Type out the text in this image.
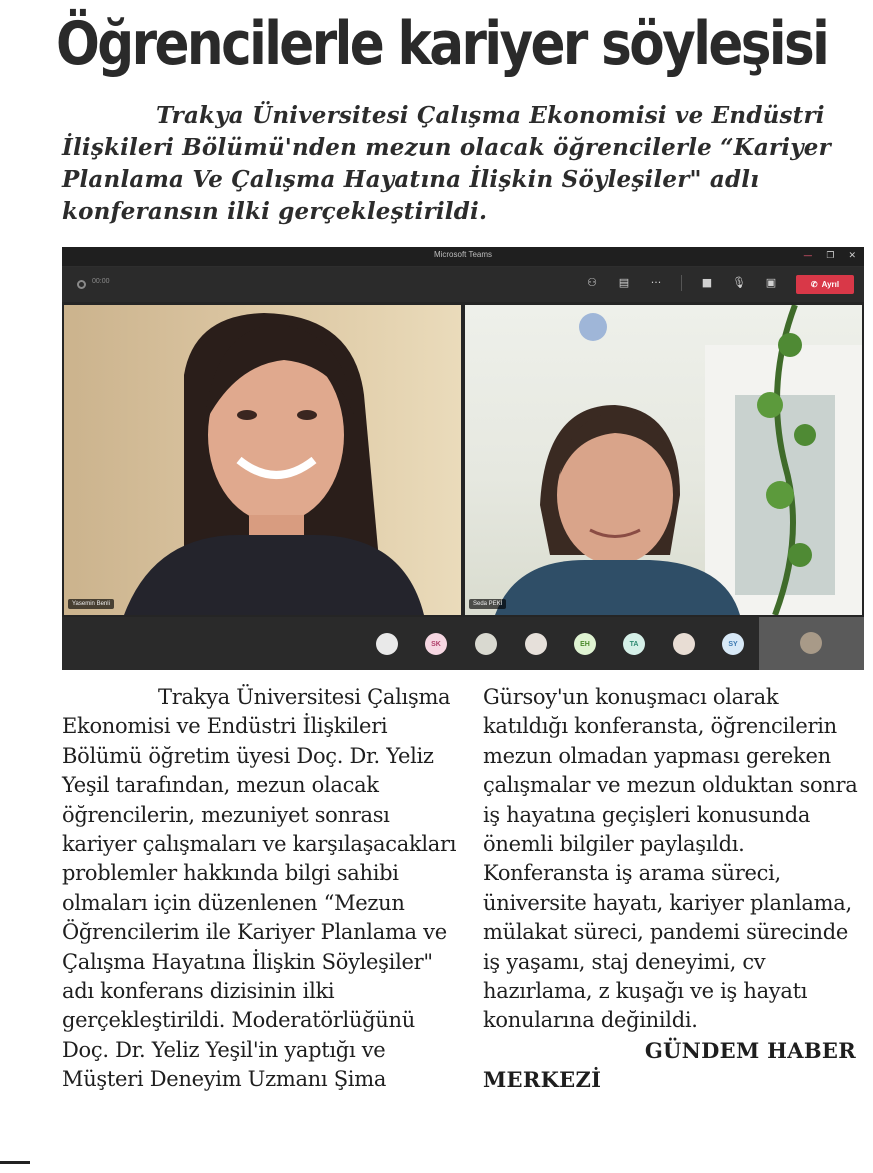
Öğrencilerle kariyer söyleşisi

Trakya Üniversitesi Çalışma Ekonomisi ve Endüstri İlişkileri Bölümü'nden mezun olacak öğrencilerle “Kariyer Planlama Ve Çalışma Hayatına İlişkin Söyleşiler" adlı konferansın ilki gerçekleştirildi.

Microsoft Teams	— ❐ ✕
00:00	⚇ ▤ ···	■ 🎙︎ ▣	✆ Ayrıl
Yasemin Benli	Seda PEKİ
SK	EH	TA	SY

Trakya Üniversitesi Çalışma Ekonomisi ve Endüstri İlişkileri Bölümü öğretim üyesi Doç. Dr. Yeliz Yeşil tarafından, mezun olacak öğrencilerin, mezuniyet sonrası kariyer çalışmaları ve karşılaşacakları problemler hakkında bilgi sahibi olmaları için düzenlenen “Mezun Öğrencilerim ile Kariyer Planlama ve Çalışma Hayatına İlişkin Söyleşiler" adı konferans dizisinin ilki gerçekleştirildi. Moderatörlüğünü Doç. Dr. Yeliz Yeşil'in yaptığı ve Müşteri Deneyim Uzmanı Şima

Gürsoy'un konuşmacı olarak katıldığı konferansta, öğrencilerin mezun olmadan yapması gereken çalışmalar ve mezun olduktan sonra iş hayatına geçişleri konusunda önemli bilgiler paylaşıldı. Konferansta iş arama süreci, üniversite hayatı, kariyer planlama, mülakat süreci, pandemi sürecinde iş yaşamı, staj deneyimi, cv hazırlama, z kuşağı ve iş hayatı konularına değinildi.
GÜNDEM HABER
MERKEZİ
